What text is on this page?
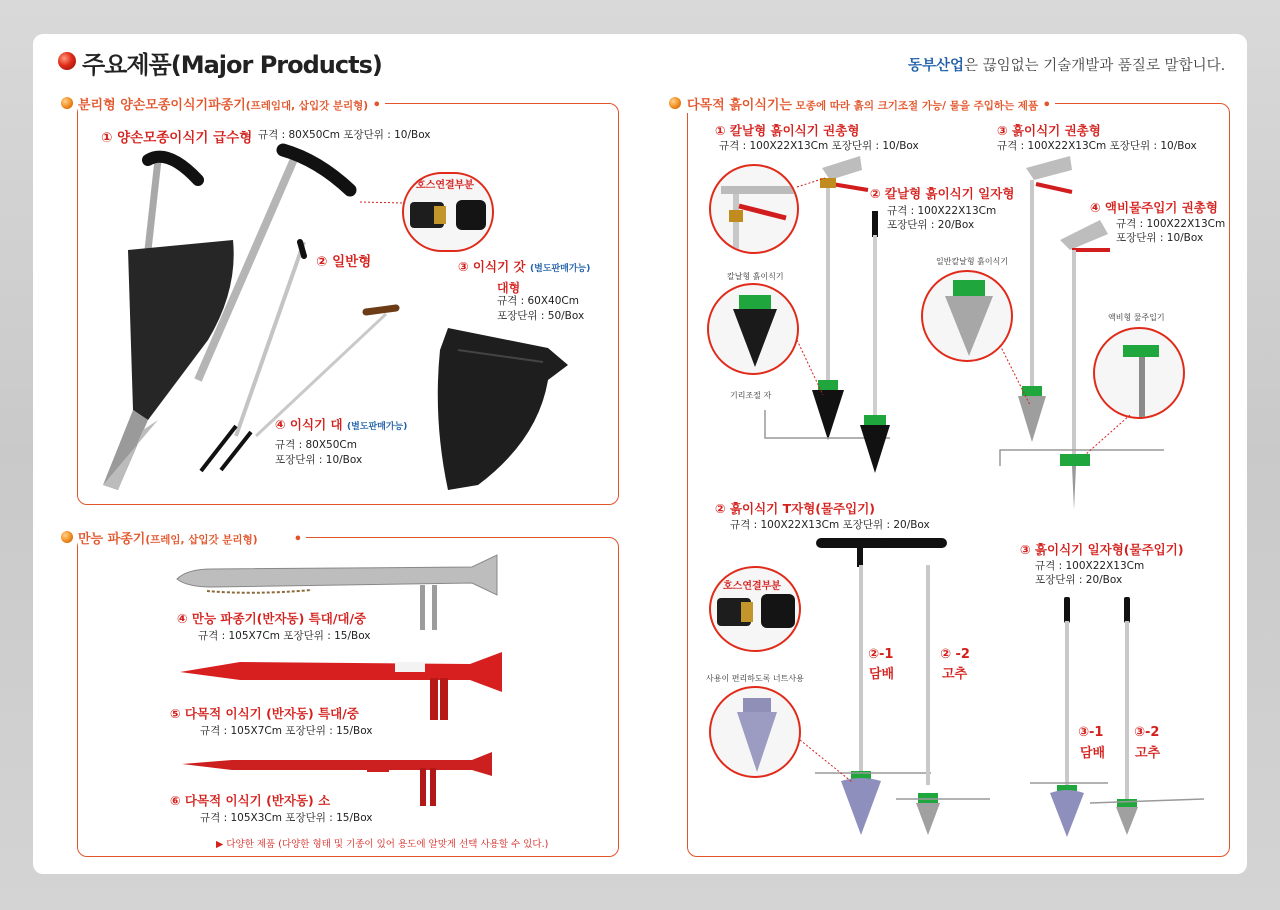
주요제품(Major Products)	동부산업은 끊임없는 기술개발과 품질로 말합니다.
분리형 양손모종이식기파종기(프레임대, 삽입갓 분리형) •
① 양손모종이식기 급수형 규격 : 80X50Cm 포장단위 : 10/Box
호스연결부분
② 일반형	③ 이식기 갓 (별도판매가능)
대형
규격 : 60X40Cm
포장단위 : 50/Box
④ 이식기 대 (별도판매가능)
규격 : 80X50Cm
포장단위 : 10/Box
만능 파종기(프레임, 삽입갓 분리형)        •
④ 만능 파종기(반자동) 특대/대/중
규격 : 105X7Cm 포장단위 : 15/Box
⑤ 다목적 이식기 (반자동) 특대/중
규격 : 105X7Cm 포장단위 : 15/Box
⑥ 다목적 이식기 (반자동) 소
규격 : 105X3Cm 포장단위 : 15/Box
▶ 다양한 제품 (다양한 형태 및 기종이 있어 용도에 알맞게 선택 사용할 수 있다.)
다목적 흙이식기는 모종에 따라 흙의 크기조절 가능/ 물을 주입하는 제품 •
① 칼날형 흙이식기 권총형
규격 : 100X22X13Cm 포장단위 : 10/Box
③ 흙이식기 권총형
규격 : 100X22X13Cm 포장단위 : 10/Box
② 칼날형 흙이식기 일자형
규격 : 100X22X13Cm
포장단위 : 20/Box
④ 액비물주입기 권총형
규격 : 100X22X13Cm
포장단위 : 10/Box
칼날형 흙이식기
일반칼날형 흙이식기
액비형 물주입기
기리조절 자
② 흙이식기 T자형(물주입기)
규격 : 100X22X13Cm 포장단위 : 20/Box
호스연결부분
사용이 편리하도록 너트사용
②-1
담배
② -2
고추
③ 흙이식기 일자형(물주입기)
규격 : 100X22X13Cm
포장단위 : 20/Box
③-1
담배
③-2
고추
